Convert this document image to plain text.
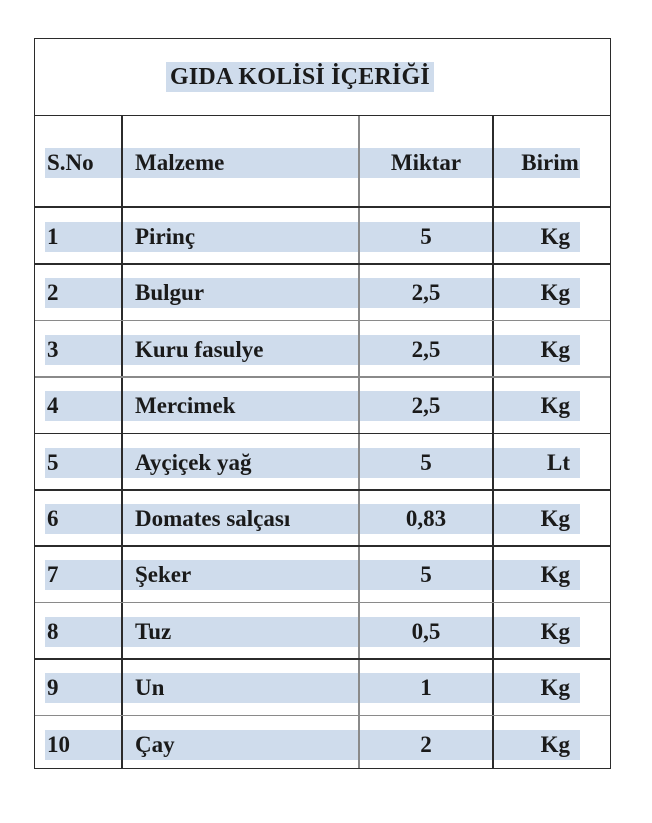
GIDA KOLİSİ İÇERİĞİ
S.No Malzeme	Miktar	Birim
1	Pirinç	5	Kg
2	Bulgur	2,5	Kg
3	Kuru fasulye	2,5	Kg
4	Mercimek	2,5	Kg
5	Ayçiçek yağ	5	Lt
6	Domates salçası	0,83	Kg
7	Şeker	5	Kg
8	Tuz	0,5	Kg
9	Un	1	Kg
10	Çay	2	Kg
